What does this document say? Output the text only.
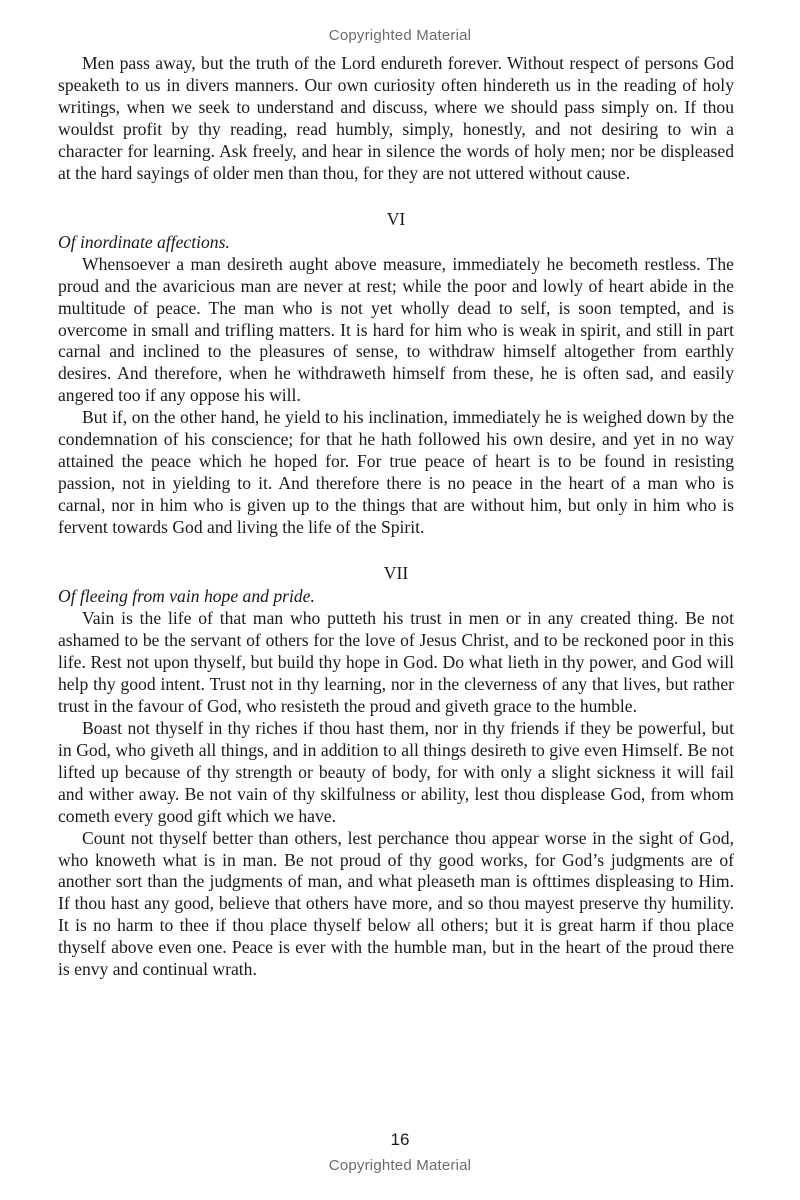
Copyrighted Material

Men pass away, but the truth of the Lord endureth forever. Without respect of persons God speaketh to us in divers manners. Our own curiosity often hindereth us in the reading of holy writings, when we seek to understand and discuss, where we should pass simply on. If thou wouldst profit by thy reading, read humbly, simply, honestly, and not desiring to win a character for learning. Ask freely, and hear in silence the words of holy men; nor be displeased at the hard sayings of older men than thou, for they are not uttered without cause.

VI

Of inordinate affections.

Whensoever a man desireth aught above measure, immediately he becometh restless. The proud and the avaricious man are never at rest; while the poor and lowly of heart abide in the multitude of peace. The man who is not yet wholly dead to self, is soon tempted, and is overcome in small and trifling matters. It is hard for him who is weak in spirit, and still in part carnal and inclined to the pleasures of sense, to withdraw himself altogether from earthly desires. And therefore, when he withdraweth himself from these, he is often sad, and easily angered too if any oppose his will.

But if, on the other hand, he yield to his inclination, immediately he is weighed down by the condemnation of his conscience; for that he hath followed his own desire, and yet in no way attained the peace which he hoped for. For true peace of heart is to be found in resisting passion, not in yielding to it. And therefore there is no peace in the heart of a man who is carnal, nor in him who is given up to the things that are without him, but only in him who is fervent towards God and living the life of the Spirit.

VII

Of fleeing from vain hope and pride.

Vain is the life of that man who putteth his trust in men or in any created thing. Be not ashamed to be the servant of others for the love of Jesus Christ, and to be reckoned poor in this life. Rest not upon thyself, but build thy hope in God. Do what lieth in thy power, and God will help thy good intent. Trust not in thy learning, nor in the cleverness of any that lives, but rather trust in the favour of God, who resisteth the proud and giveth grace to the humble.

Boast not thyself in thy riches if thou hast them, nor in thy friends if they be powerful, but in God, who giveth all things, and in addition to all things desireth to give even Himself. Be not lifted up because of thy strength or beauty of body, for with only a slight sickness it will fail and wither away. Be not vain of thy skilfulness or ability, lest thou displease God, from whom cometh every good gift which we have.

Count not thyself better than others, lest perchance thou appear worse in the sight of God, who knoweth what is in man. Be not proud of thy good works, for God’s judgments are of another sort than the judgments of man, and what pleaseth man is ofttimes displeasing to Him. If thou hast any good, believe that others have more, and so thou mayest preserve thy humility. It is no harm to thee if thou place thyself below all others; but it is great harm if thou place thyself above even one. Peace is ever with the humble man, but in the heart of the proud there is envy and continual wrath.

16
Copyrighted Material
